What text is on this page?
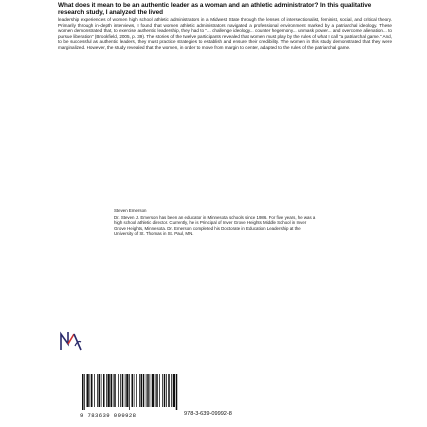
What does it mean to be an authentic leader as a woman and an athletic administrator? In this qualitative research study, I analyzed the lived

leadership experiences of women high school athletic administrators in a Midwest State through the lenses of intersectionalist, feminist, social, and critical theory. Primarily through in-depth interviews, I found that women athletic administrators navigated a professional environment marked by a patriarchal ideology. These women demonstrated that, to exercise authentic leadership, they had to “... challenge ideology... counter hegemony... unmask power... and overcome alienation... to pursue liberation” (Brookfield, 2005, p. 39). The stories of the twelve participants revealed that women must play by the rules of what I call “a patriarchal game.” And, to be successful as authentic leaders, they must practice strategies to establish and ensure their credibility. The women in this study demonstrated that they were marginalized. However, the study revealed that the women, in order to move from margin to center, adapted to the rules of the patriarchal game.

Steven Emerson

Dr. Steven J. Emerson has been an educator in Minnesota schools since 1986. For five years, he was a high school athletic director. Currently, he is Principal of Inver Grove Heights Middle School in Inver Grove Heights, Minnesota. Dr. Emerson completed his Doctorate in Education Leadership at the University of St. Thomas in St. Paul, MN.

9 783639 099928	978-3-639-09992-8
